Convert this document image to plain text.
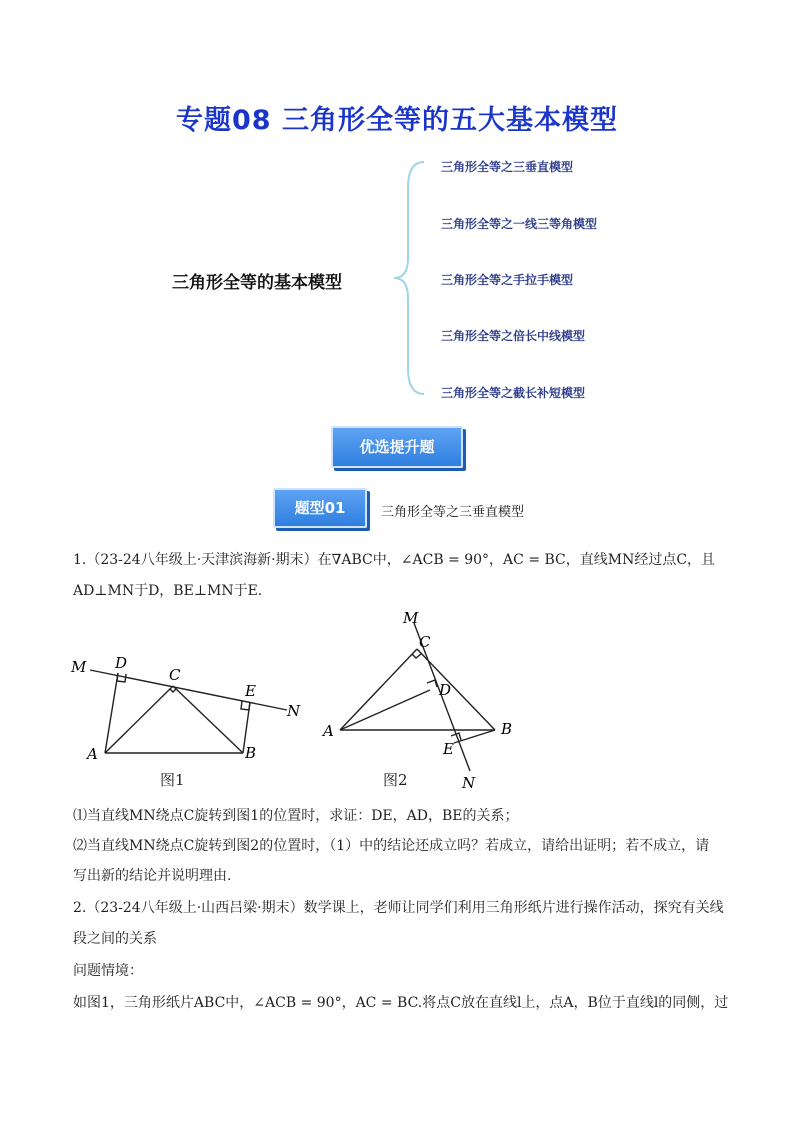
专题08 三角形全等的五大基本模型
三角形全等的基本模型
三角形全等之三垂直模型
三角形全等之一线三等角模型
三角形全等之手拉手模型
三角形全等之倍长中线模型
三角形全等之截长补短模型
优选提升题
题型01	三角形全等之三垂直模型
1.（23-24八年级上·天津滨海新·期末）在∇ABC中，∠ACB = 90°，AC = BC，直线MN经过点C，且
AD⊥MN于D，BE⊥MN于E.
M D
C
E
N
A	B
图1
M
C
D
A	B
E
N
图2
⑴当直线MN绕点C旋转到图1的位置时，求证：DE，AD，BE的关系；
⑵当直线MN绕点C旋转到图2的位置时，（1）中的结论还成立吗？若成立，请给出证明；若不成立，请
写出新的结论并说明理由.
2.（23-24八年级上·山西吕梁·期末）数学课上，老师让同学们利用三角形纸片进行操作活动，探究有关线
段之间的关系
问题情境：
如图1，三角形纸片ABC中，∠ACB = 90°，AC = BC.将点C放在直线l上，点A，B位于直线l的同侧，过
